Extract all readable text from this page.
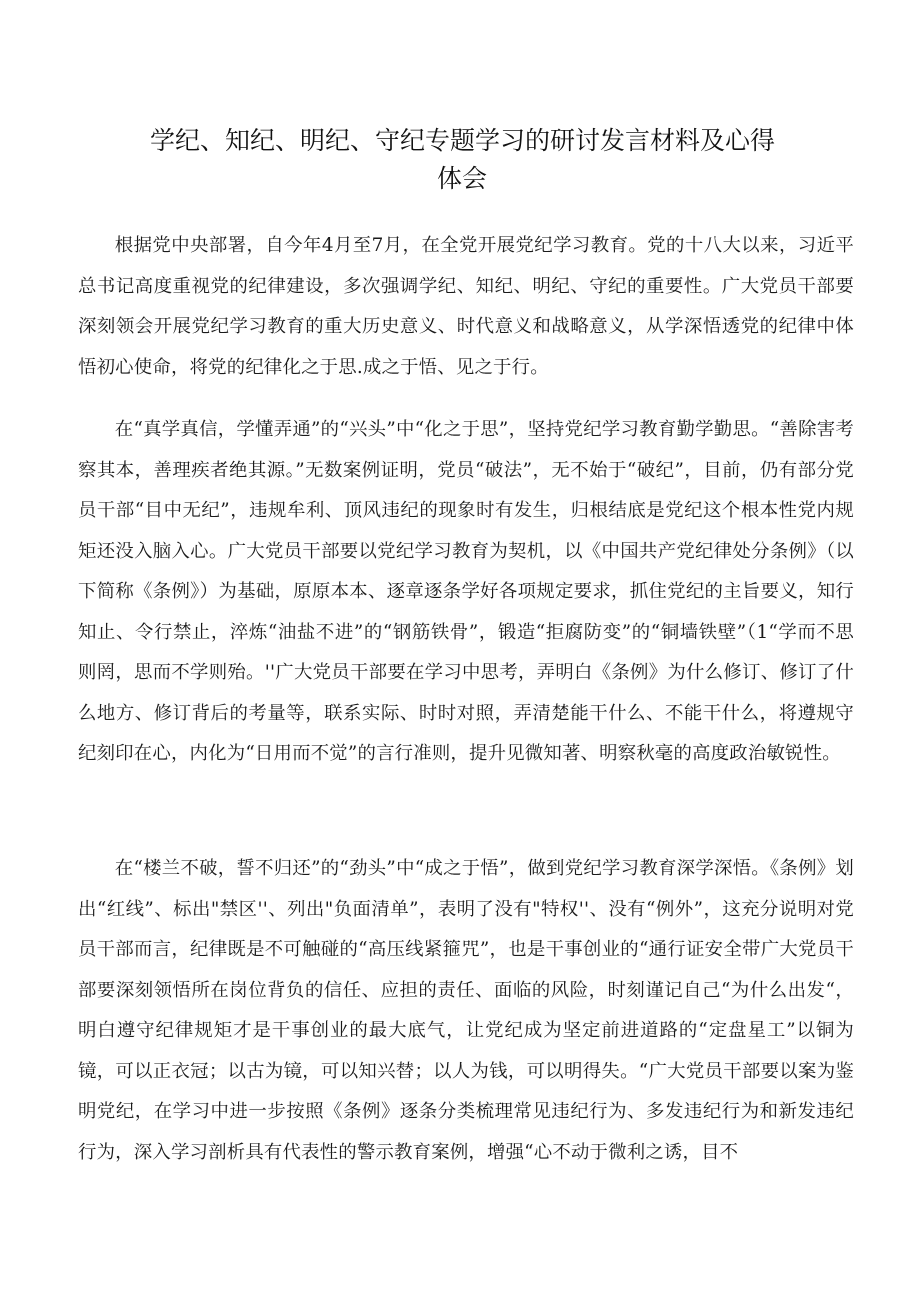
学纪、知纪、明纪、守纪专题学习的研讨发言材料及心得
体会

根据党中央部署，自今年4月至7月，在全党开展党纪学习教育。党的十八大以来，习近平总书记高度重视党的纪律建设，多次强调学纪、知纪、明纪、守纪的重要性。广大党员干部要深刻领会开展党纪学习教育的重大历史意义、时代意义和战略意义，从学深悟透党的纪律中体悟初心使命，将党的纪律化之于思.成之于悟、见之于行。

在“真学真信，学懂弄通”的“兴头”中“化之于思”，坚持党纪学习教育勤学勤思。“善除害考察其本，善理疾者绝其源。”无数案例证明，党员“破法”，无不始于“破纪”，目前，仍有部分党员干部“目中无纪”，违规牟利、顶风违纪的现象时有发生，归根结底是党纪这个根本性党内规矩还没入脑入心。广大党员干部要以党纪学习教育为契机，以《中国共产党纪律处分条例》（以下简称《条例》）为基础，原原本本、逐章逐条学好各项规定要求，抓住党纪的主旨要义，知行知止、令行禁止，淬炼“油盐不进”的“钢筋铁骨”，锻造“拒腐防变”的“铜墙铁壁”（1“学而不思则罔，思而不学则殆。''广大党员干部要在学习中思考，弄明白《条例》为什么修订、修订了什么地方、修订背后的考量等，联系实际、时时对照，弄清楚能干什么、不能干什么，将遵规守纪刻印在心，内化为“日用而不觉”的言行准则，提升见微知著、明察秋毫的高度政治敏锐性。

在“楼兰不破，誓不归还”的“劲头”中“成之于悟”，做到党纪学习教育深学深悟。《条例》划出“红线”、标出"禁区''、列出"负面清单”，表明了没有"特权''、没有“例外”，这充分说明对党员干部而言，纪律既是不可触碰的“高压线紧箍咒”，也是干事创业的“通行证安全带广大党员干部要深刻领悟所在岗位背负的信任、应担的责任、面临的风险，时刻谨记自己“为什么出发“，明白遵守纪律规矩才是干事创业的最大底气，让党纪成为坚定前进道路的“定盘星工”以铜为镜，可以正衣冠；以古为镜，可以知兴替；以人为钱，可以明得失。“广大党员干部要以案为鉴明党纪，在学习中进一步按照《条例》逐条分类梳理常见违纪行为、多发违纪行为和新发违纪行为，深入学习剖析具有代表性的警示教育案例，增强“心不动于微利之诱，目不
